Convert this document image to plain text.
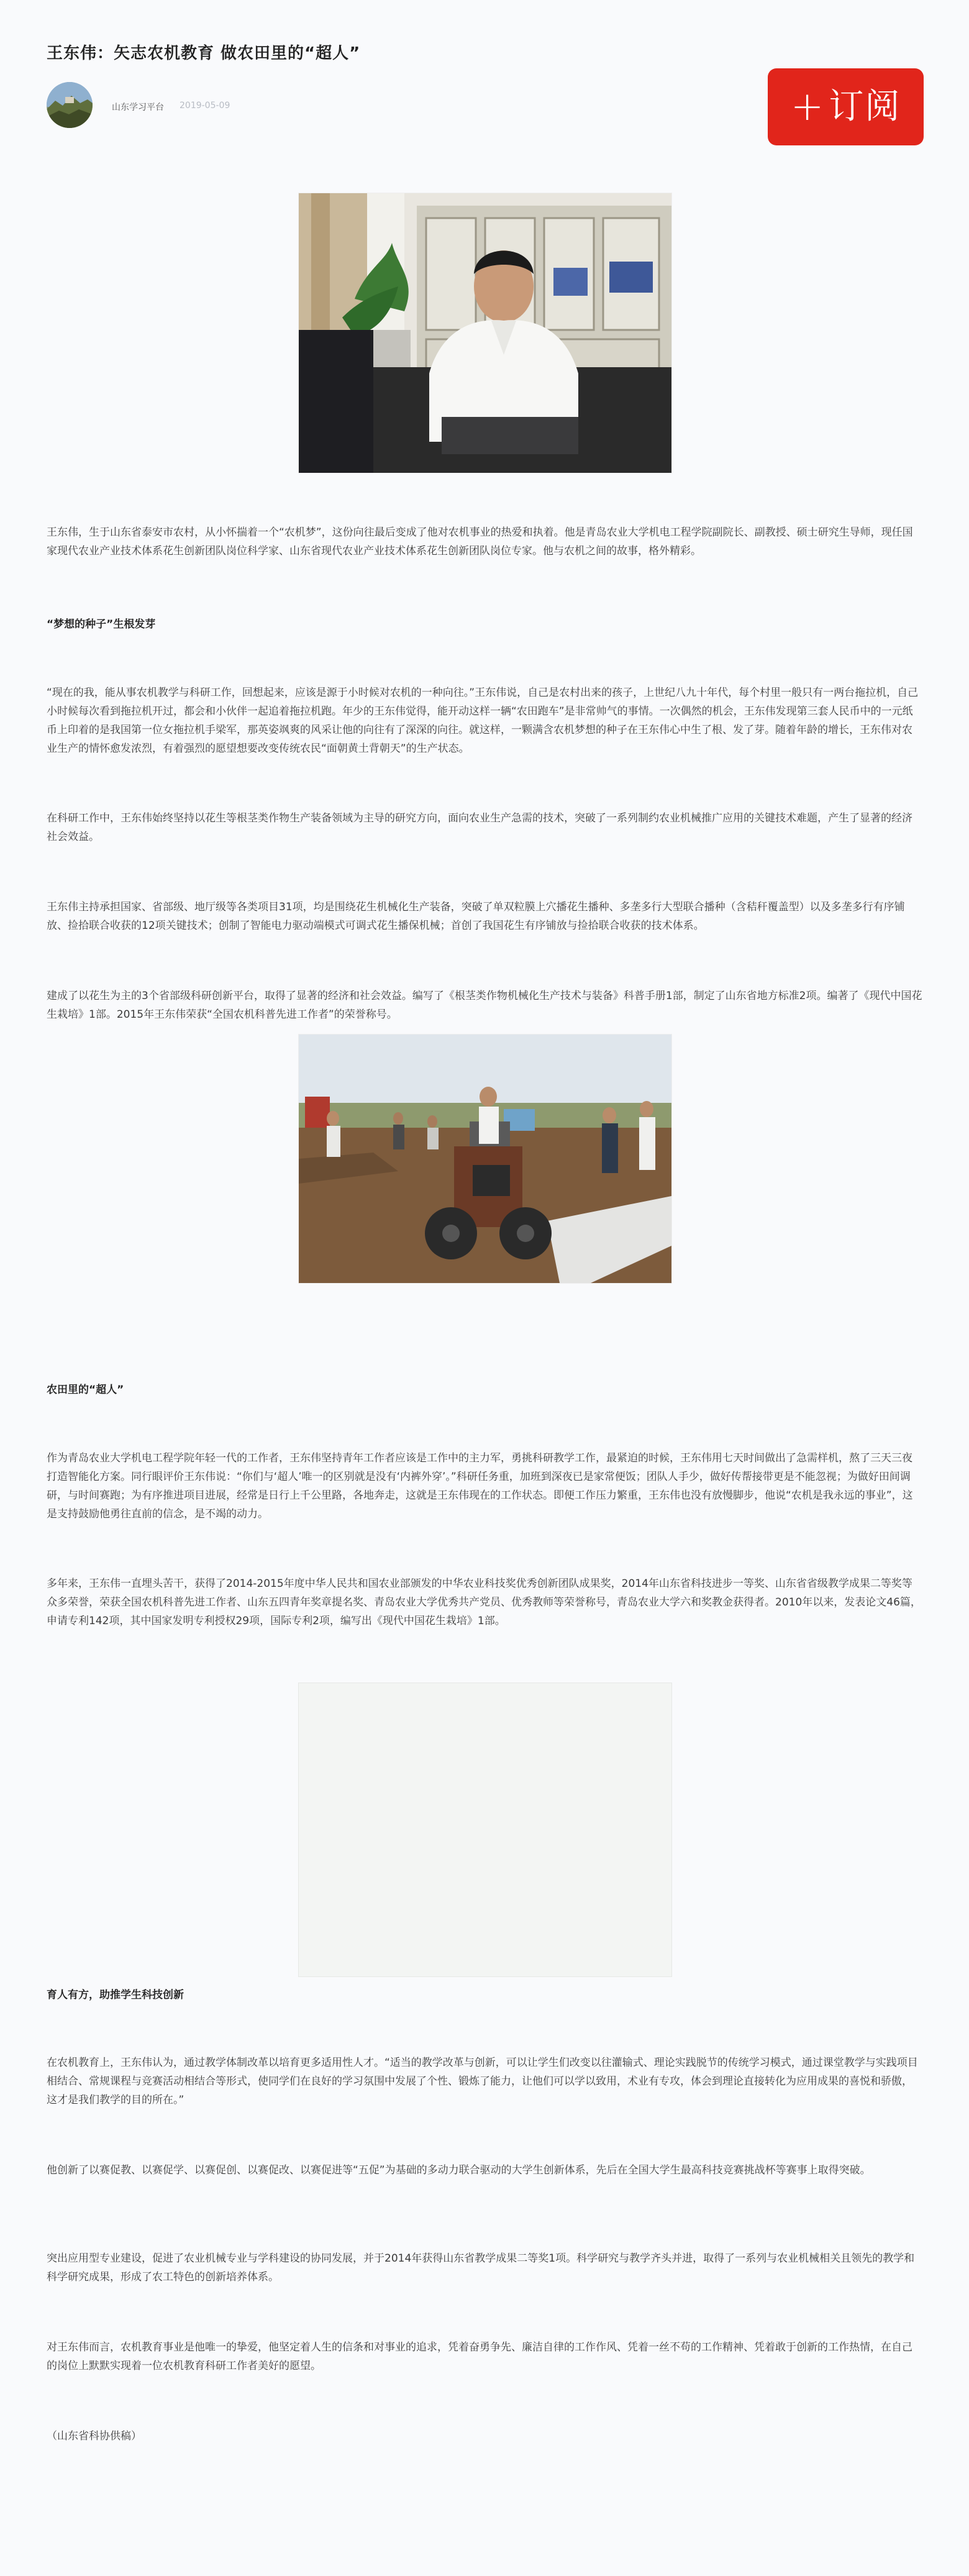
王东伟：矢志农机教育 做农田里的“超人”
山东学习平台 2019-05-09	+ 订阅

王东伟，生于山东省泰安市农村，从小怀揣着一个“农机梦”，这份向往最后变成了他对农机事业的热爱和执着。他是青岛农业大学机电工程学院副院长、副教授、硕士研究生导师，现任国家现代农业产业技术体系花生创新团队岗位科学家、山东省现代农业产业技术体系花生创新团队岗位专家。他与农机之间的故事，格外精彩。

“梦想的种子”生根发芽

“现在的我，能从事农机教学与科研工作，回想起来，应该是源于小时候对农机的一种向往。”王东伟说，自己是农村出来的孩子，上世纪八九十年代，每个村里一般只有一两台拖拉机，自己小时候每次看到拖拉机开过，都会和小伙伴一起追着拖拉机跑。年少的王东伟觉得，能开动这样一辆“农田跑车”是非常帅气的事情。一次偶然的机会，王东伟发现第三套人民币中的一元纸币上印着的是我国第一位女拖拉机手梁军，那英姿飒爽的风采让他的向往有了深深的向往。就这样，一颗满含农机梦想的种子在王东伟心中生了根、发了芽。随着年龄的增长，王东伟对农业生产的情怀愈发浓烈，有着强烈的愿望想要改变传统农民“面朝黄土背朝天”的生产状态。

在科研工作中，王东伟始终坚持以花生等根茎类作物生产装备领域为主导的研究方向，面向农业生产急需的技术，突破了一系列制约农业机械推广应用的关键技术难题，产生了显著的经济社会效益。

王东伟主持承担国家、省部级、地厅级等各类项目31项，均是围绕花生机械化生产装备，突破了单双粒膜上穴播花生播种、多垄多行大型联合播种（含秸秆覆盖型）以及多垄多行有序铺放、捡拾联合收获的12项关键技术；创制了智能电力驱动端模式可调式花生播保机械；首创了我国花生有序铺放与捡拾联合收获的技术体系。

建成了以花生为主的3个省部级科研创新平台，取得了显著的经济和社会效益。编写了《根茎类作物机械化生产技术与装备》科普手册1部，制定了山东省地方标准2项。编著了《现代中国花生栽培》1部。2015年王东伟荣获“全国农机科普先进工作者”的荣誉称号。

农田里的“超人”

作为青岛农业大学机电工程学院年轻一代的工作者，王东伟坚持青年工作者应该是工作中的主力军，勇挑科研教学工作，最紧迫的时候，王东伟用七天时间做出了急需样机，熬了三天三夜打造智能化方案。同行眼评价王东伟说：“你们与‘超人’唯一的区别就是没有‘内裤外穿’。”科研任务重，加班到深夜已是家常便饭；团队人手少，做好传帮接带更是不能忽视；为做好田间调研，与时间赛跑；为有序推进项目进展，经常是日行上千公里路，各地奔走，这就是王东伟现在的工作状态。即便工作压力繁重，王东伟也没有放慢脚步，他说“农机是我永远的事业”，这是支持鼓励他勇往直前的信念，是不竭的动力。

多年来，王东伟一直埋头苦干，获得了2014-2015年度中华人民共和国农业部颁发的中华农业科技奖优秀创新团队成果奖，2014年山东省科技进步一等奖、山东省省级教学成果二等奖等众多荣誉，荣获全国农机科普先进工作者、山东五四青年奖章提名奖、青岛农业大学优秀共产党员、优秀教师等荣誉称号，青岛农业大学六和奖教金获得者。2010年以来，发表论文46篇，申请专利142项，其中国家发明专利授权29项，国际专利2项，编写出《现代中国花生栽培》1部。

育人有方，助推学生科技创新

在农机教育上，王东伟认为，通过教学体制改革以培育更多适用性人才。“适当的教学改革与创新，可以让学生们改变以往灌输式、理论实践脱节的传统学习模式，通过课堂教学与实践项目相结合、常规课程与竞赛活动相结合等形式，使同学们在良好的学习氛围中发展了个性、锻炼了能力，让他们可以学以致用，术业有专攻，体会到理论直接转化为应用成果的喜悦和骄傲，这才是我们教学的目的所在。”

他创新了以赛促教、以赛促学、以赛促创、以赛促改、以赛促进等“五促”为基础的多动力联合驱动的大学生创新体系，先后在全国大学生最高科技竞赛挑战杯等赛事上取得突破。

突出应用型专业建设，促进了农业机械专业与学科建设的协同发展，并于2014年获得山东省教学成果二等奖1项。科学研究与教学齐头并进，取得了一系列与农业机械相关且领先的教学和科学研究成果，形成了农工特色的创新培养体系。

对王东伟而言，农机教育事业是他唯一的挚爱，他坚定着人生的信条和对事业的追求，凭着奋勇争先、廉洁自律的工作作风、凭着一丝不苟的工作精神、凭着敢于创新的工作热情，在自己的岗位上默默实现着一位农机教育科研工作者美好的愿望。

（山东省科协供稿）
